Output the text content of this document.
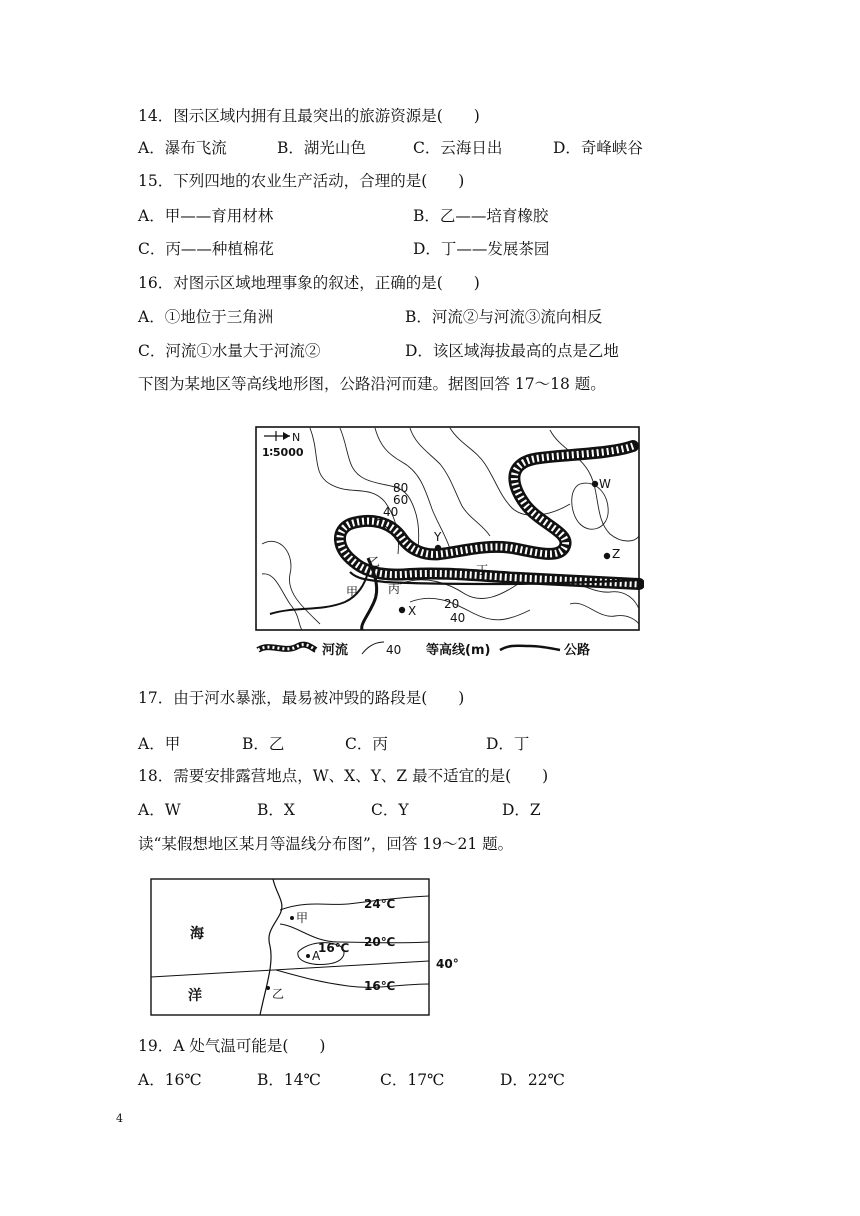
14．图示区域内拥有且最突出的旅游资源是(　　)
A．瀑布飞流	B．湖光山色	C．云海日出	D．奇峰峡谷
15．下列四地的农业生产活动，合理的是(　　)
A．甲——育用材林	B．乙——培育橡胶
C．丙——种植棉花	D．丁——发展茶园
16．对图示区域地理事象的叙述，正确的是(　　)
A．①地位于三角洲	B．河流②与河流③流向相反
C．河流①水量大于河流②	D．该区域海拔最高的点是乙地
下图为某地区等高线地形图，公路沿河而建。据图回答 17～18 题。
N
1∶5000
80
60
40
20
20
40
W
Y
Z
X
甲
乙
丙
丁
河流	40 等高线(m)	公路
17．由于河水暴涨，最易被冲毁的路段是(　　)
A．甲	B．乙	C．丙	D．丁
18．需要安排露营地点，W、X、Y、Z 最不适宜的是(　　)
A．W	B．X	C．Y	D．Z
读“某假想地区某月等温线分布图”，回答 19～21 题。
40°
24℃
20℃
16℃
16℃
海
洋
甲
乙
A
19．A 处气温可能是(　　)
A．16℃	B．14℃	C．17℃	D．22℃
4
